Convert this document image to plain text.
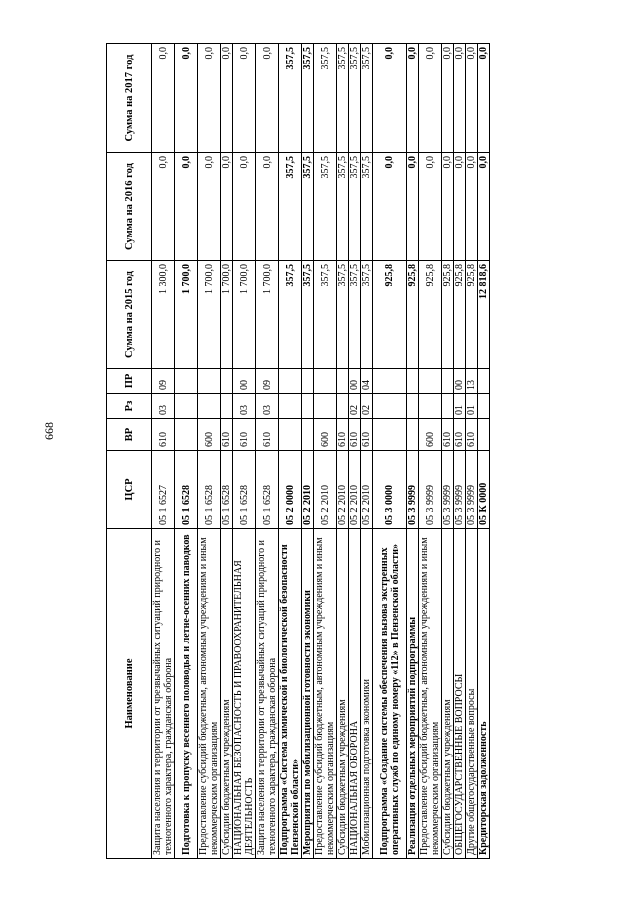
668
Наименование	ЦСР	ВР	Рз	ПР	Сумма на 2015 год	Сумма на 2016 год	Сумма на 2017 год
Защита населения и территории от чрезвычайных ситуаций природного и техногенного характера, гражданская оборона	05 1 6527	610	03	09	1 300,0	0,0	0,0
Подготовка к пропуску весеннего половодья и летне-осенних паводков	05 1 6528				1 700,0	0,0	0,0
Предоставление субсидий бюджетным, автономным учреждениям и иным некоммерческим организациям	05 1 6528	600			1 700,0	0,0	0,0
Субсидии бюджетным учреждениям	05 1 6528	610			1 700,0	0,0	0,0
НАЦИОНАЛЬНАЯ БЕЗОПАСНОСТЬ И ПРАВООХРАНИТЕЛЬНАЯ ДЕЯТЕЛЬНОСТЬ	05 1 6528	610	03	00	1 700,0	0,0	0,0
Защита населения и территории от чрезвычайных ситуаций природного и техногенного характера, гражданская оборона	05 1 6528	610	03	09	1 700,0	0,0	0,0
Подпрограмма «Система химической и биологической безопасности Пензенской области»	05 2 0000				357,5	357,5	357,5
Мероприятия по мобилизационной готовности экономики	05 2 2010				357,5	357,5	357,5
Предоставление субсидий бюджетным, автономным учреждениям и иным некоммерческим организациям	05 2 2010	600			357,5	357,5	357,5
Субсидии бюджетным учреждениям	05 2 2010	610			357,5	357,5	357,5
НАЦИОНАЛЬНАЯ ОБОРОНА	05 2 2010	610	02	00	357,5	357,5	357,5
Мобилизационная подготовка экономики	05 2 2010	610	02	04	357,5	357,5	357,5
Подпрограмма «Создание системы обеспечения вызова экстренных оперативных служб по единому номеру «112» в Пензенской области»	05 3 0000				925,8	0,0	0,0
Реализация отдельных мероприятий подпрограммы	05 3 9999				925,8	0,0	0,0
Предоставление субсидий бюджетным, автономным учреждениям и иным некоммерческим организациям	05 3 9999	600			925,8	0,0	0,0
Субсидии бюджетным учреждениям	05 3 9999	610			925,8	0,0	0,0
ОБЩЕГОСУДАРСТВЕННЫЕ ВОПРОСЫ	05 3 9999	610	01	00	925,8	0,0	0,0
Другие общегосударственные вопросы	05 3 9999	610	01	13	925,8	0,0	0,0
Кредиторская задолженность	05 К 0000				12 818,6	0,0	0,0
